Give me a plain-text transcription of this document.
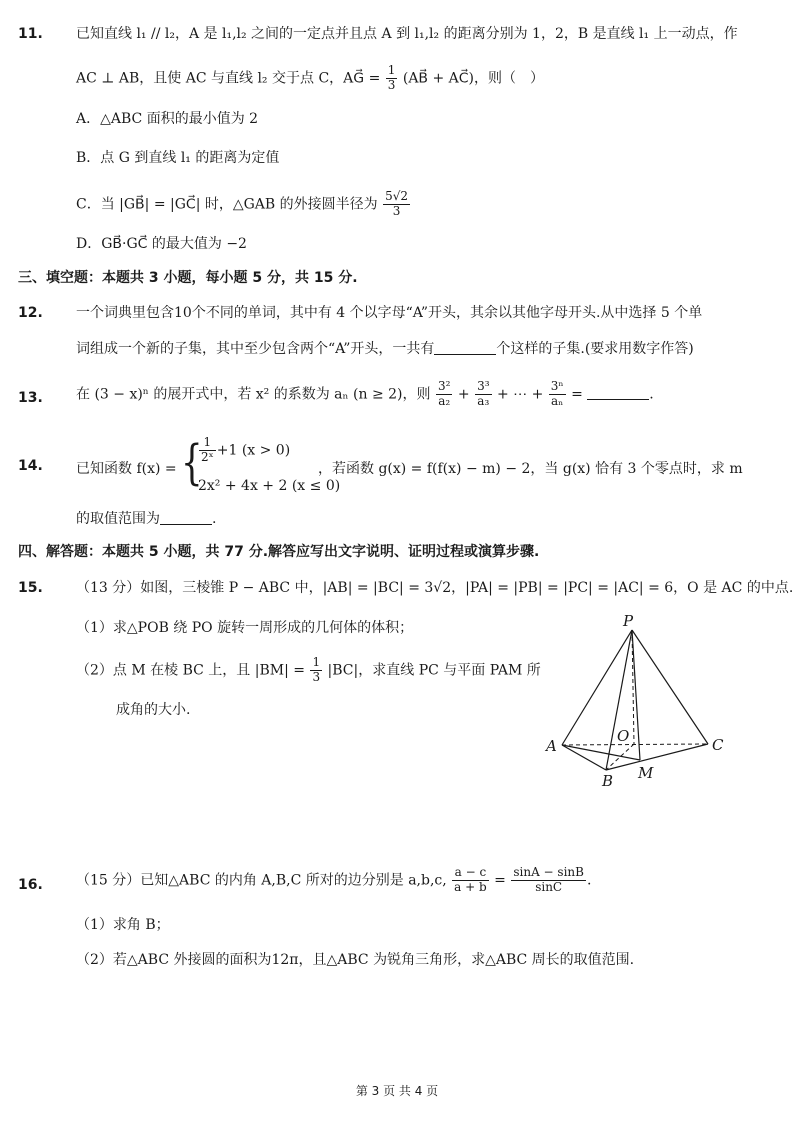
11. 已知直线 l₁ // l₂，A 是 l₁,l₂ 之间的一定点并且点 A 到 l₁,l₂ 的距离分别为 1，2，B 是直线 l₁ 上一动点，作
AC ⊥ AB，且使 AC 与直线 l₂ 交于点 C，AG⃗ = $\frac{1}{3}$ (AB⃗ + AC⃗)，则（　）
A．△ABC 面积的最小值为 2
B．点 G 到直线 l₁ 的距离为定值
C．当 |GB⃗| = |GC⃗| 时，△GAB 的外接圆半径为 $\frac{5√2}{3}$
D．GB⃗·GC⃗ 的最大值为 −2
三、填空题：本题共 3 小题，每小题 5 分，共 15 分.
12. 一个词典里包含10个不同的单词，其中有 4 个以字母“A”开头，其余以其他字母开头.从中选择 5 个单
词组成一个新的子集，其中至少包含两个“A”开头，一共有	个这样的子集.(要求用数字作答)
13. 在 (3 − x)ⁿ 的展开式中，若 x² 的系数为 aₙ (n ≥ 2)，则 $\frac{\text{3²}}{\text{a₂}} + \frac{\text{3³}}{\text{a₃}}$ + ⋯ + $\frac{\text{3ⁿ}}{\text{aₙ}}$ =	.
14. 已知函数 f(x) = {
$\frac{1}{\text{2ˣ}} +1$ (x > 0)
2x² + 4x + 2 (x ≤ 0)
，若函数 g(x) = f(f(x) − m) − 2，当 g(x) 恰有 3 个零点时，求 m
的取值范围为	.
四、解答题：本题共 5 小题，共 77 分.解答应写出文字说明、证明过程或演算步骤.
15. （13 分）如图，三棱锥 P − ABC 中，|AB| = |BC| = 3√2，|PA| = |PB| = |PC| = |AC| = 6，O 是 AC 的中点.
（1）求△POB 绕 PO 旋转一周形成的几何体的体积；
（2）点 M 在棱 BC 上，且 $|BM| = \frac{1}{3} |BC|$，求直线 PC 与平面 PAM 所
成角的大小.
P
A
B
C
O
M
16. （15 分）已知△ABC 的内角 A,B,C 所对的边分别是 a,b,c, $\frac{a - c}{a + b} = \frac{\sin A - \sin B}{\sin C}$ .
（1）求角 B；
（2）若△ABC 外接圆的面积为12π，且△ABC 为锐角三角形，求△ABC 周长的取值范围.
第 3 页 共 4 页
